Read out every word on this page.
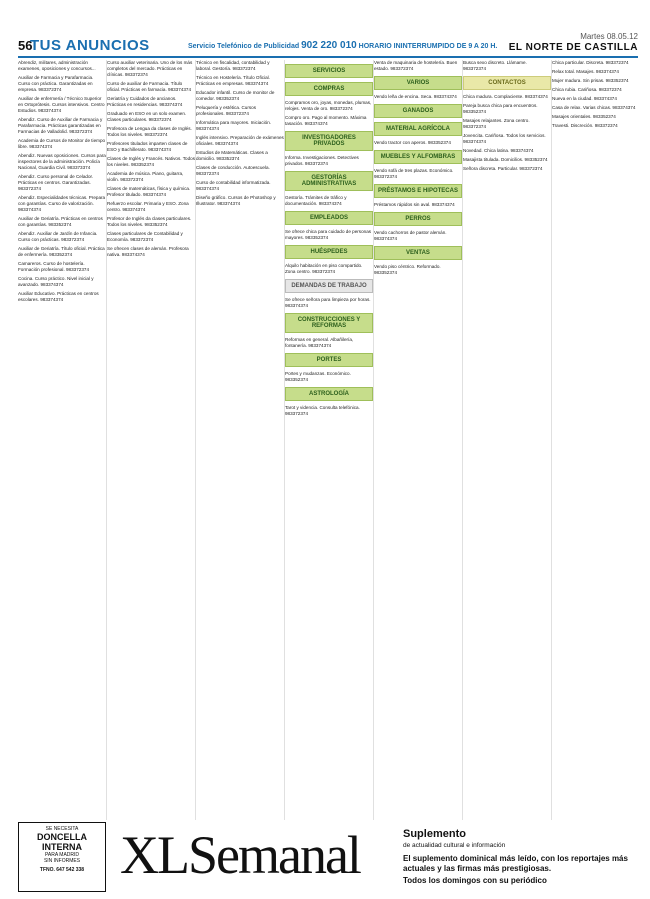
56
TUS ANUNCIOS	Servicio Telefónico de Publicidad 902 220 010 HORARIO ININTERRUMPIDO DE 9 A 20 H.
Martes 08.05.12
EL NORTE DE CASTILLA
Abrendiz, militares, administración examenes, oposiciones y concursos...
Auxiliar de Farmacia y Parafarmacia. Curso con práctica. Garantizadas en empresa. 983372374
Auxiliar de enfermería / Técnico Superior en Ortoprótesis. Cursos intensivos. Centro Estudios. 983374374
Abendiz. Curso de Auxiliar de Farmacia y Parafarmacia. Prácticas garantizadas en Farmacias de Valladolid. 983372374
Academia de Cursos de Monitor de tiempo libre. 983374374
Abendiz. Nuevas oposiciones. Cursos para inspectores de la administración. Policía Nacional, Guardia Civil. 983373374
Abendiz. Curso personal de Celador. Prácticas en centros. Garantizadas. 983372374
Abendiz. Especialidades técnicas. Prepara con garantías. Curso de valorización. 983374374
Auxiliar de Geriatría. Prácticas en centros con garantías. 983352374
Abendiz. Auxiliar de Jardín de Infancia. Curso con prácticas. 983372374
Auxiliar de Geriatría. Título oficial. Práctica de enfermería. 983352374
Camareros. Curso de hostelería. Formación profesional. 983372374
Cocina. Curso práctico. Nivel inicial y avanzado. 983374374
Auxiliar Educativo. Prácticas en centros escolares. 983374374
Curso auxiliar veterinaria. Uno de los más completos del mercado. Prácticas en clínicas. 983372374
Curso de auxiliar de Farmacia. Título oficial. Prácticas en farmacia. 983374374
Geriatría y Cuidados de ancianos. Prácticas en residencias. 983374374
Graduado en ESO en un solo examen. Clases particulares. 983372374
Profesora de Lengua da clases de Inglés. Todos los niveles. 983372374
Profesores titulados imparten clases de ESO y Bachillerato. 983374374
Clases de Inglés y Francés. Nativos. Todos los niveles. 983352374
Academia de música. Piano, guitarra, violín. 983372374
Clases de matemáticas, física y química. Profesor titulado. 983374374
Refuerzo escolar. Primaria y ESO. Zona centro. 983374374
Profesor de Inglés da clases particulares. Todos los niveles. 983352374
Clases particulares de Contabilidad y Economía. 983372374
Se ofrecen clases de alemán. Profesora nativa. 983374374
Técnico en fiscalidad, contabilidad y laboral. Gestoría. 983372374
Técnico en Hostelería. Título Oficial. Prácticas en empresas. 983374374
Educador infantil. Curso de monitor de comedor. 983352374
Peluquería y estética. Cursos profesionales. 983372374
Informática para mayores. Iniciación. 983374374
Inglés intensivo. Preparación de exámenes oficiales. 983374374
Estudios de Matemáticas. Clases a domicilio. 983352374
Clases de conducción. Autoescuela. 983372374
Curso de contabilidad informatizada. 983374374
Diseño gráfico. Cursos de Photoshop y Illustrator. 983374374
SERVICIOS
COMPRAS
Compramos oro, joyas, monedas, plumas, relojes. Venta de oro. 983372374
Compro oro. Pago al momento. Máxima tasación. 983374374
INVESTIGADORES PRIVADOS
Informa. Investigaciones. Detectives privados. 983372374
GESTORÍAS ADMINISTRATIVAS
Gestoría. Trámites de tráfico y documentación. 983374374
EMPLEADOS
Se ofrece chica para cuidado de personas mayores. 983352374
HUÉSPEDES
Alquilo habitación en piso compartido. Zona centro. 983372374
DEMANDAS DE TRABAJO
Se ofrece señora para limpieza por horas. 983374374
CONSTRUCCIONES Y REFORMAS
Reformas en general. Albañilería, fontanería. 983374374
PORTES
Portes y mudanzas. Económico. 983352374
ASTROLOGÍA
Tarot y videncia. Consulta telefónica. 983372374
Venta de maquinaria de hostelería. Buen estado. 983372374
VARIOS
Vendo leña de encina. Seca. 983374374
GANADOS
MATERIAL AGRÍCOLA
Vendo tractor con aperos. 983352374
MUEBLES Y ALFOMBRAS
Vendo sofá de tres plazas. Económico. 983372374
PRÉSTAMOS E HIPOTECAS
Préstamos rápidos sin aval. 983374374
PERROS
Vendo cachorros de pastor alemán. 983374374
VENTAS
Vendo piso céntrico. Reformado. 983352374
Busca sexo discreto. Llámame. 983372374
CONTACTOS
Chica madura. Complaciente. 983374374
Pareja busca chica para encuentros. 983352374
Masajes relajantes. Zona centro. 983372374
Jovencita. Cariñosa. Todos los servicios. 983374374
Novedad. Chica latina. 983374374
Masajista titulada. Domicilios. 983352374
Señora discreta. Particular. 983372374
Chica particular. Discreta. 983372374
Relax total. Masajes. 983374374
Mujer madura. Sin prisas. 983352374
Chica rubia. Cariñosa. 983372374
Nueva en la ciudad. 983374374
Casa de relax. Varias chicas. 983374374
Masajes orientales. 983352374
Travesti. Discreción. 983372374
SE NECESITA
DONCELLA
INTERNA
PARA MADRID
SIN INFORMES
TFNO. 647 542 338 XLSemanal	Suplemento
de actualidad cultural e información
El suplemento dominical más leído, con los reportajes más actuales y las firmas más prestigiosas.
Todos los domingos con su periódico
